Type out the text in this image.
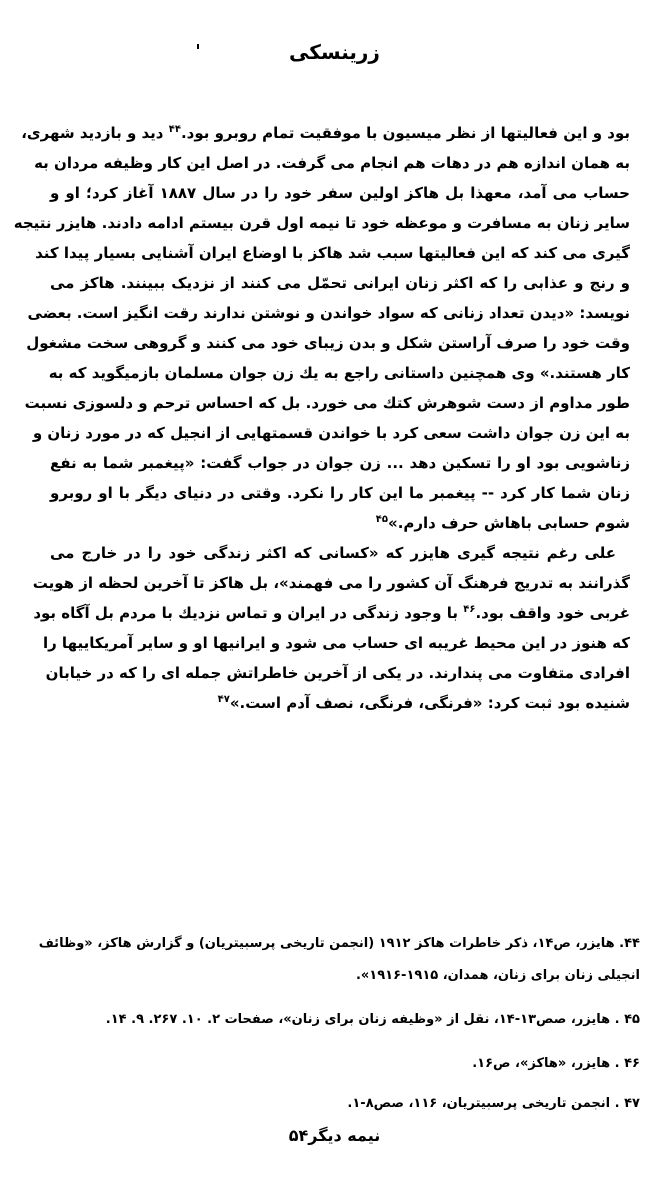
زرینسکی
بود و این فعالیتها از نظر میسیون با موفقیت تمام روبرو بود.$^{۴۴}$ دید و بازدید شهری،
به همان اندازه هم در دهات هم انجام می گرفت. در اصل این کار وظیفه مردان به
حساب می آمد، معهذا بل هاکز اولین سفر خود را در سال ۱۸۸۷ آغاز کرد؛ او و
سایر زنان به مسافرت و موعظه خود تا نیمه اول قرن بیستم ادامه دادند. هایزر نتیجه
گیری می کند که این فعالیتها سبب شد هاکز با اوضاع ایران آشنایی بسیار پیدا کند
و رنج و عذابی را که اکثر زنان ایرانی تحمّل می کنند از نزدیک ببینند. هاکز می
نویسد: «دیدن تعداد زنانی که سواد خواندن و نوشتن ندارند رقت انگیز است. بعضی
وقت خود را صرف آراستن شکل و بدن زیبای خود می کنند و گروهی سخت مشغول
کار هستند.» وی همچنین داستانی راجع به یك زن جوان مسلمان بازمیگوید که به
طور مداوم از دست شوهرش کتك می خورد. بل که احساس ترحم و دلسوزی نسبت
به این زن جوان داشت سعی کرد با خواندن قسمتهایی از انجیل که در مورد زنان و
زناشویی بود او را تسکین دهد ... زن جوان در جواب گفت: «پیغمبر شما به نفع
زنان شما کار کرد -- پیغمبر ما این کار را نکرد. وقتی در دنیای دیگر با او روبرو
شوم حسابی باهاش حرف دارم.»$^{۴۵}$
علی رغم نتیجه گیری هایزر که «کسانی که اکثر زندگی خود را در خارج می
گذرانند به تدریج فرهنگ آن کشور را می فهمند»، بل هاکز تا آخرین لحظه از هویت
غربی خود واقف بود.$^{۴۶}$ با وجود زندگی در ایران و تماس نزدیك با مردم بل آگاه بود
که هنوز در این محیط غریبه ای حساب می شود و ایرانیها او و سایر آمریکاییها را
افرادی متفاوت می پندارند. در یکی از آخرین خاطراتش جمله ای را که در خیابان
شنیده بود ثبت کرد: «فرنگی، فرنگی، نصف آدم است.»$^{۴۷}$
۴۴. هایزر، ص۱۴، ذکر خاطرات هاکز ۱۹۱۲ (انجمن تاریخی پرسبیتریان) و گزارش هاکز، «وظائف
انجیلی زنان برای زنان، همدان، ۱۹۱۵-۱۹۱۶».
۴۵ . هایزر، صص۱۳-۱۴، نقل از «وظیفه زنان برای زنان»، صفحات ۲. ۱۰. ۲۶۷. ۹. ۱۴.
۴۶ . هایزر، «هاکز»، ص۱۶.
۴۷ . انجمن تاریخی پرسبیتریان، ۱۱۶، صص۸-۱.
نیمه دیگر۵۴
